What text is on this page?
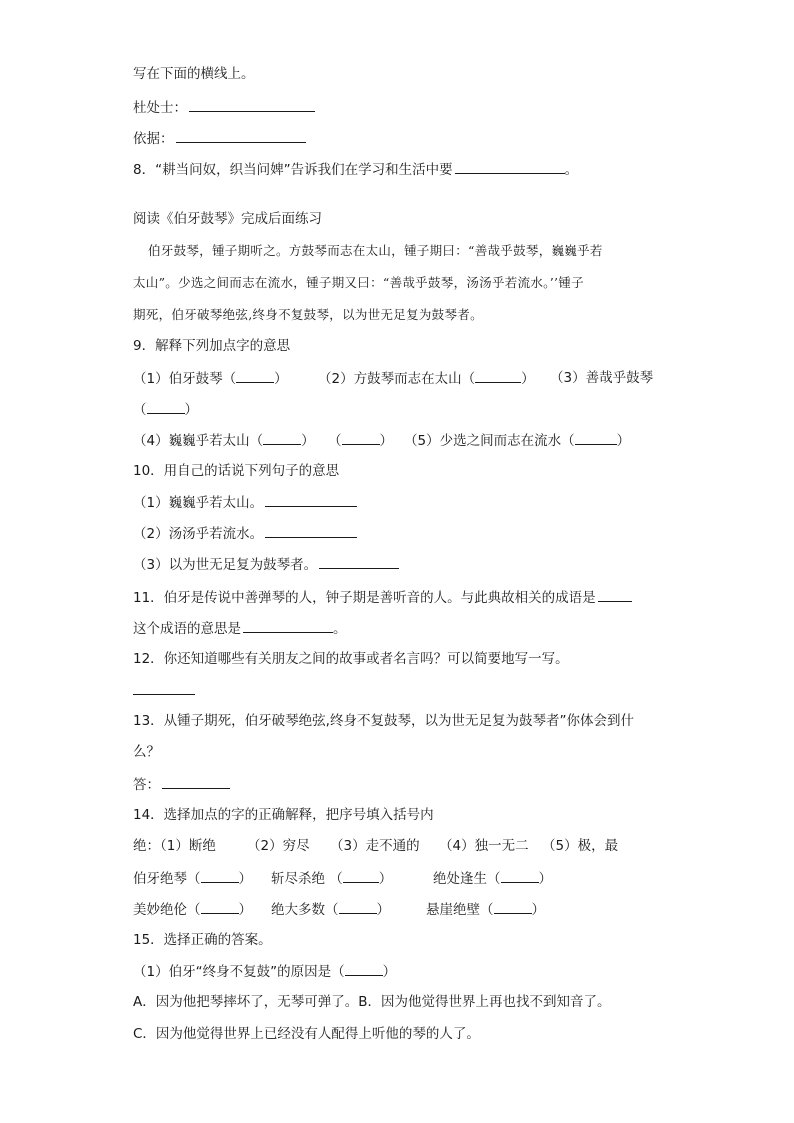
写在下面的横线上。
杜处士：
依据：
8．“耕当问奴，织当问婢”告诉我们在学习和生活中要	。
阅读《伯牙鼓琴》完成后面练习
伯牙鼓琴，锺子期听之。方鼓琴而志在太山，锺子期曰：“善哉乎鼓琴，巍巍乎若
太山”。少选之间而志在流水，锺子期又曰：“善哉乎鼓琴，汤汤乎若流水。’’锺子
期死，伯牙破琴绝弦,终身不复鼓琴，以为世无足复为鼓琴者。
9．解释下列加点字的意思
（1）伯牙鼓琴（	） （2）方鼓琴而志在太山（	） （3）善哉乎鼓琴
（	）
（4）巍巍乎若太山（	） （	） （5）少选之间而志在流水（	）
10．用自己的话说下列句子的意思
（1）巍巍乎若太山。
（2）汤汤乎若流水。
（3）以为世无足复为鼓琴者。
11．伯牙是传说中善弹琴的人，钟子期是善听音的人。与此典故相关的成语是
这个成语的意思是	。
12．你还知道哪些有关朋友之间的故事或者名言吗？可以简要地写一写。
13．从锺子期死，伯牙破琴绝弦,终身不复鼓琴，以为世无足复为鼓琴者”你体会到什
么？
答：
14．选择加点的字的正确解释，把序号填入括号内
绝：（1）断绝 （2）穷尽 （3）走不通的 （4）独一无二 （5）极，最
伯牙绝琴（	） 斩尽杀绝 （	）	绝处逢生（	）
美妙绝伦（	） 绝大多数（	）	悬崖绝壁（	）
15．选择正确的答案。
（1）伯牙“终身不复鼓”的原因是（	）
A．因为他把琴摔坏了，无琴可弹了。B．因为他觉得世界上再也找不到知音了。
C．因为他觉得世界上已经没有人配得上听他的琴的人了。
